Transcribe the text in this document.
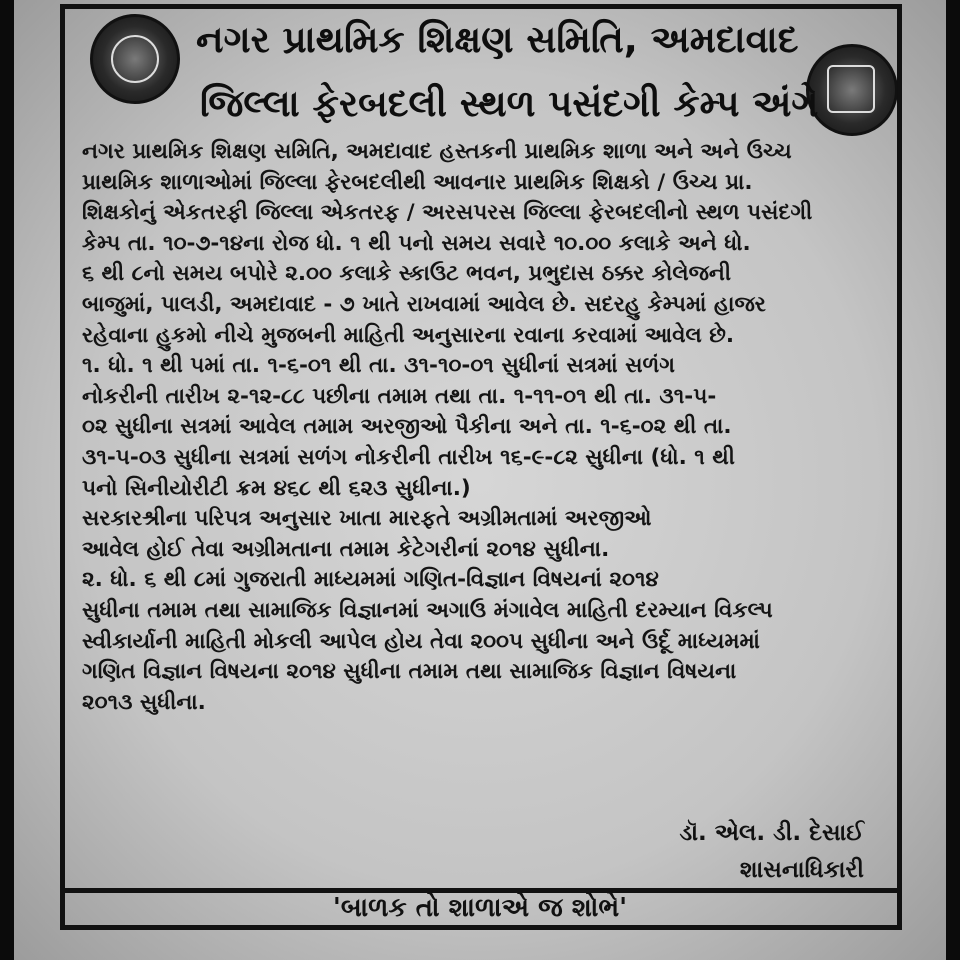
નગર પ્રાથમિક શિક્ષણ સમિતિ, અમદાવાદ
જિલ્લા ફેરબદલી સ્થળ પસંદગી કેમ્પ અંગે
નગર પ્રાથમિક શિક્ષણ સમિતિ, અમદાવાદ હસ્તકની પ્રાથમિક શાળા અને અને ઉચ્ચ
પ્રાથમિક શાળાઓમાં જિલ્લા ફેરબદલીથી આવનાર પ્રાથમિક શિક્ષકો / ઉચ્ચ પ્રા.
શિક્ષકોનું એકતરફી જિલ્લા એકતરફ / અરસપરસ જિલ્લા ફેરબદલીનો સ્થળ પસંદગી
કેમ્પ તા. ૧૦-૭-૧૪ના રોજ ધો. ૧ થી ૫નો સમય સવારે ૧૦.૦૦ કલાકે અને ધો.
૬ થી ૮નો સમય બપોરે ૨.૦૦ કલાકે સ્કાઉટ ભવન, પ્રભુદાસ ઠક્કર કોલેજની
બાજુમાં, પાલડી, અમદાવાદ - ૭ ખાતે રાખવામાં આવેલ છે. સદરહુ કેમ્પમાં હાજર
રહેવાના હુકમો નીચે મુજબની માહિતી અનુસારના રવાના કરવામાં આવેલ છે.
૧. ધો. ૧ થી ૫માં તા. ૧-૬-૦૧ થી તા. ૩૧-૧૦-૦૧ સુધીનાં સત્રમાં સળંગ
નોકરીની તારીખ ૨-૧૨-૮૮ પછીના તમામ તથા તા. ૧-૧૧-૦૧ થી તા. ૩૧-૫-
૦૨ સુધીના સત્રમાં આવેલ તમામ અરજીઓ પૈકીના અને તા. ૧-૬-૦૨ થી તા.
૩૧-૫-૦૩ સુધીના સત્રમાં સળંગ નોકરીની તારીખ ૧૬-૯-૮૨ સુધીના (ધો. ૧ થી
૫નો સિનીયોરીટી ક્રમ ૪૬૮ થી ૬૨૩ સુધીના.)
સરકારશ્રીના પરિપત્ર અનુસાર ખાતા મારફતે અગ્રીમતામાં અરજીઓ
આવેલ હોઈ તેવા અગ્રીમતાના તમામ કેટેગરીનાં ૨૦૧૪ સુધીના.
૨. ધો. ૬ થી ૮માં ગુજરાતી માધ્યમમાં ગણિત-વિજ્ઞાન વિષયનાં ૨૦૧૪
સુધીના તમામ તથા સામાજિક વિજ્ઞાનમાં અગાઉ મંગાવેલ માહિતી દરમ્યાન વિકલ્પ
સ્વીકાર્યાની માહિતી મોકલી આપેલ હોય તેવા ૨૦૦૫ સુધીના અને ઉર્દૂ માધ્યમમાં
ગણિત વિજ્ઞાન વિષયના ૨૦૧૪ સુધીના તમામ તથા સામાજિક વિજ્ઞાન વિષયના
૨૦૧૩ સુધીના.
ડૉ. એલ. ડી. દેસાઈ
શાસનાધિકારી
'બાળક તો શાળાએ જ શોભે'
